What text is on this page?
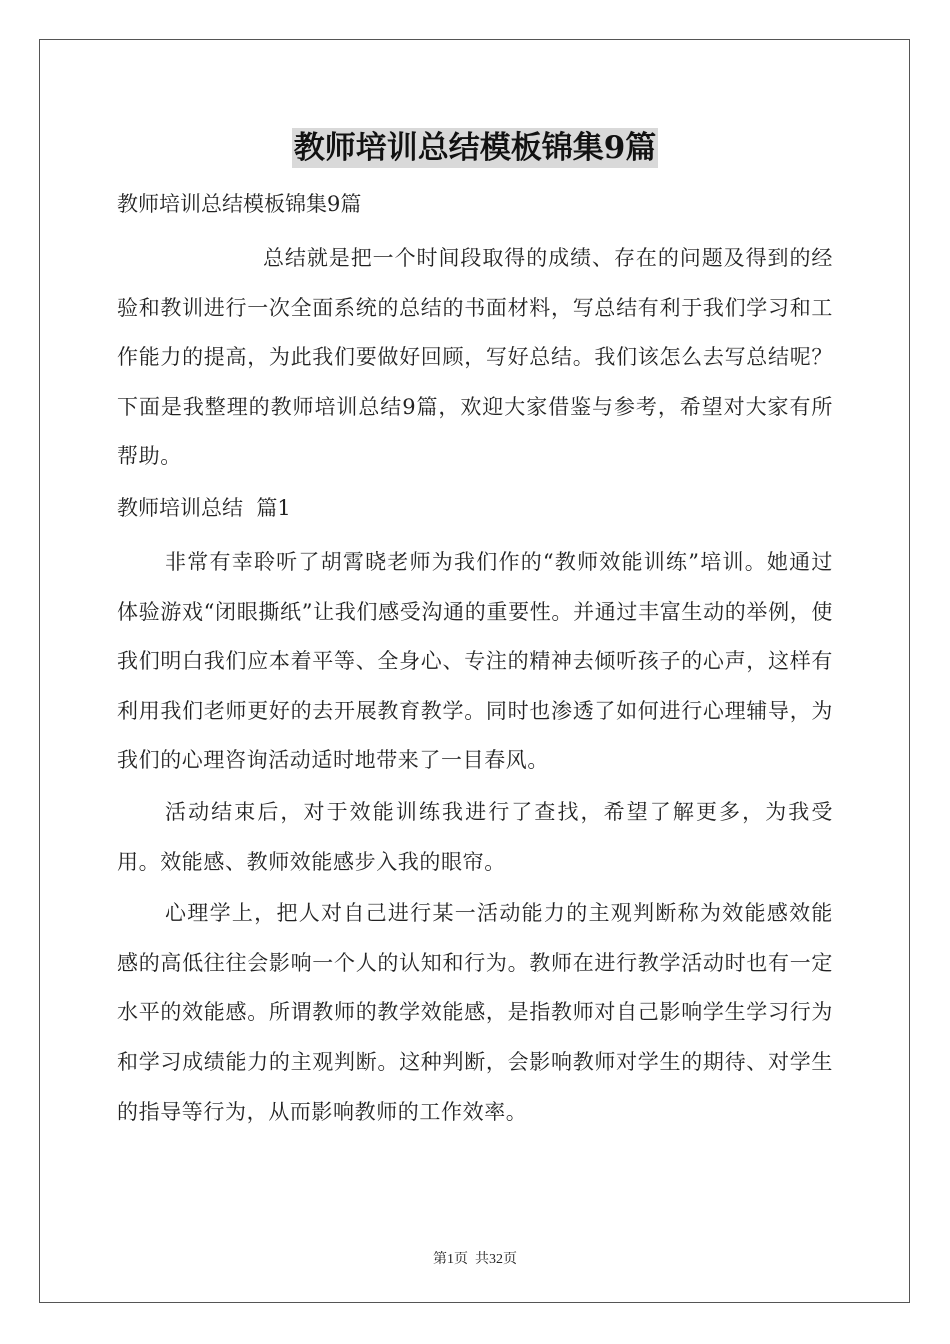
教师培训总结模板锦集9篇
教师培训总结模板锦集9篇

总结就是把一个时间段取得的成绩、存在的问题及得到的经验和教训进行一次全面系统的总结的书面材料，写总结有利于我们学习和工作能力的提高，为此我们要做好回顾，写好总结。我们该怎么去写总结呢？下面是我整理的教师培训总结9篇，欢迎大家借鉴与参考，希望对大家有所帮助。

教师培训总结  篇1

非常有幸聆听了胡霄晓老师为我们作的“教师效能训练”培训。她通过体验游戏“闭眼撕纸”让我们感受沟通的重要性。并通过丰富生动的举例，使我们明白我们应本着平等、全身心、专注的精神去倾听孩子的心声，这样有利用我们老师更好的去开展教育教学。同时也渗透了如何进行心理辅导，为我们的心理咨询活动适时地带来了一目春风。

活动结束后，对于效能训练我进行了查找，希望了解更多，为我受用。效能感、教师效能感步入我的眼帘。

心理学上，把人对自己进行某一活动能力的主观判断称为效能感效能感的高低往往会影响一个人的认知和行为。教师在进行教学活动时也有一定水平的效能感。所谓教师的教学效能感，是指教师对自己影响学生学习行为和学习成绩能力的主观判断。这种判断，会影响教师对学生的期待、对学生的指导等行为，从而影响教师的工作效率。

第1页  共32页
